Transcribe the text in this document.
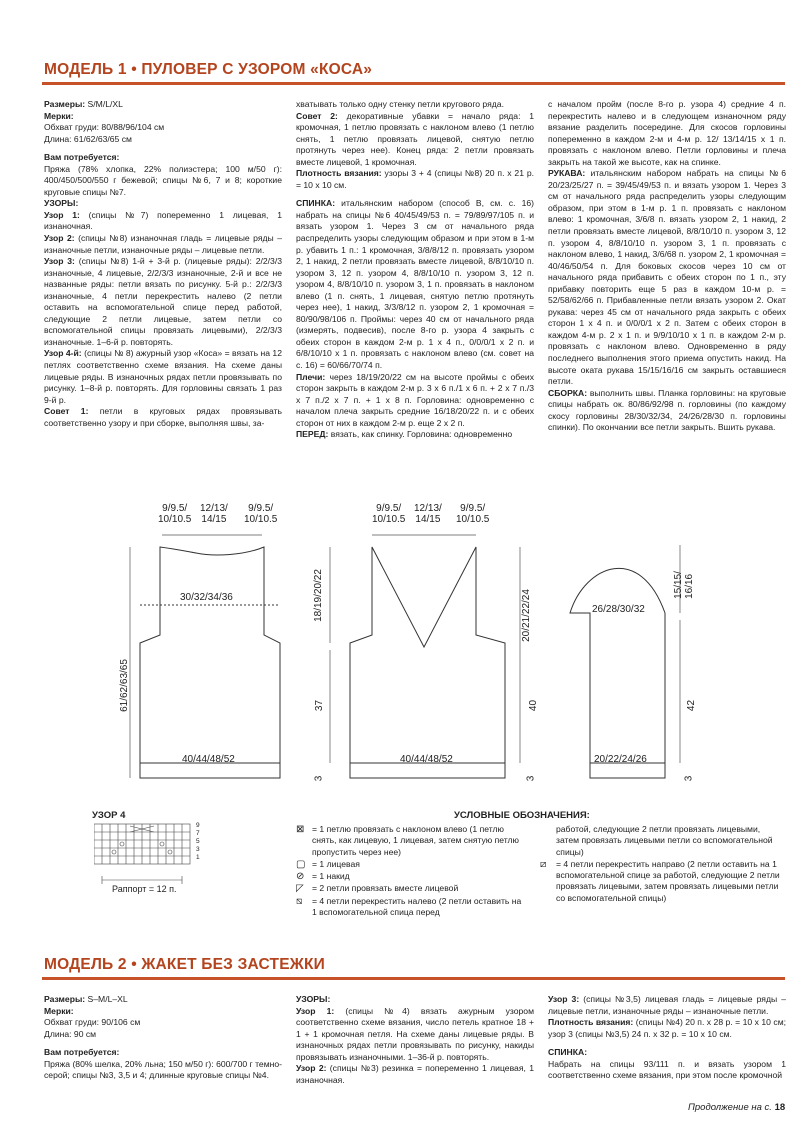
МОДЕЛЬ 1 • ПУЛОВЕР С УЗОРОМ «КОСА»

Размеры: S/M/L/XL

Мерки:

Обхват груди: 80/88/96/104 см

Длина: 61/62/63/65 см

Вам потребуется:

Пряжа (78% хлопка, 22% полиэстера; 100 м/50 г): 400/450/500/550 г бежевой; спицы №6, 7 и 8; короткие круговые спицы №7.

УЗОРЫ:

Узор 1: (спицы №7) попеременно 1 лицевая, 1 изнаночная.

Узор 2: (спицы №8) изнаночная гладь = лицевые ряды – изнаночные петли, изнаночные ряды – лицевые петли.

Узор 3: (спицы №8) 1-й + 3-й р. (лицевые ряды): 2/2/3/3 изнаночные, 4 лицевые, 2/2/3/3 изнаночные, 2-й и все не названные ряды: петли вязать по рисунку. 5-й р.: 2/2/3/3 изнаночные, 4 петли перекрестить налево (2 петли оставить на вспомогательной спице перед работой, следующие 2 петли лицевые, затем петли со вспомогательной спицы провязать лицевыми), 2/2/3/3 изнаночные. 1–6-й р. повторять.

Узор 4-й: (спицы № 8) ажурный узор «Коса» = вязать на 12 петлях соответственно схеме вязания. На схеме даны лицевые ряды. В изнаночных рядах петли провязывать по рисунку. 1–8-й р. повторять. Для горловины связать 1 раз 9-й р.

Совет 1: петли в круговых рядах провязывать соответственно узору и при сборке, выполняя швы, за-

хватывать только одну стенку петли кругового ряда.

Совет 2: декоративные убавки = начало ряда: 1 кромочная, 1 петлю провязать с наклоном влево (1 петлю снять, 1 петлю провязать лицевой, снятую петлю протянуть через нее). Конец ряда: 2 петли провязать вместе лицевой, 1 кромочная.

Плотность вязания: узоры 3 + 4 (спицы №8) 20 п. x 21 р. = 10 x 10 см.

СПИНКА: итальянским набором (способ В, см. с. 16) набрать на спицы №6 40/45/49/53 п. = 79/89/97/105 п. и вязать узором 1. Через 3 см от начального ряда распределить узоры следующим образом и при этом в 1-м р. убавить 1 п.: 1 кромочная, 3/8/8/12 п. провязать узором 2, 1 накид, 2 петли провязать вместе лицевой, 8/8/10/10 п. узором 3, 12 п. узором 4, 8/8/10/10 п. узором 3, 12 п. узором 4, 8/8/10/10 п. узором 3, 1 п. провязать в наклоном влево (1 п. снять, 1 лицевая, снятую петлю протянуть через нее), 1 накид, 3/3/8/12 п. узором 2, 1 кромочная = 80/90/98/106 п. Проймы: через 40 см от начального ряда (измерять, подвесив), после 8-го р. узора 4 закрыть с обеих сторон в каждом 2-м р. 1 x 4 п., 0/0/0/1 x 2 п. и 6/8/10/10 x 1 п. провязать с наклоном влево (см. совет на с. 16) = 60/66/70/74 п.

Плечи: через 18/19/20/22 см на высоте проймы с обеих сторон закрыть в каждом 2-м р. 3 x 6 п./1 x 6 п. + 2 x 7 п./3 x 7 п./2 x 7 п. + 1 x 8 п. Горловина: одновременно с началом плеча закрыть средние 16/18/20/22 п. и с обеих сторон от них в каждом 2-м р. еще 2 x 2 п.

ПЕРЕД: вязать, как спинку. Горловина: одновременно

с началом пройм (после 8-го р. узора 4) средние 4 п. перекрестить налево и в следующем изнаночном ряду вязание разделить посередине. Для скосов горловины попеременно в каждом 2-м и 4-м р. 12/ 13/14/15 x 1 п. провязать с наклоном влево. Петли горловины и плеча закрыть на такой же высоте, как на спинке.

РУКАВА: итальянским набором набрать на спицы №6 20/23/25/27 п. = 39/45/49/53 п. и вязать узором 1. Через 3 см от начального ряда распределить узоры следующим образом, при этом в 1-м р. 1 п. провязать с наклоном влево: 1 кромочная, 3/6/8 п. вязать узором 2, 1 накид, 2 петли провязать вместе лицевой, 8/8/10/10 п. узором 3, 12 п. узором 4, 8/8/10/10 п. узором 3, 1 п. провязать с наклоном влево, 1 накид, 3/6/68 п. узором 2, 1 кромочная = 40/46/50/54 п. Для боковых скосов через 10 см от начального ряда прибавить с обеих сторон по 1 п., эту прибавку повторить еще 5 раз в каждом 10-м р. = 52/58/62/66 п. Прибавленные петли вязать узором 2. Окат рукава: через 45 см от начального ряда закрыть с обеих сторон 1 x 4 п. и 0/0/0/1 x 2 п. Затем с обеих сторон в каждом 4-м р. 2 x 1 п. и 9/9/10/10 x 1 п. в каждом 2-м р. провязать с наклоном влево. Одновременно в ряду последнего выполнения этого приема опустить накид. На высоте оката рукава 15/15/16/16 см закрыть оставшиеся петли.

СБОРКА: выполнить швы. Планка горловины: на круговые спицы набрать ок. 80/86/92/98 п. горловины (по каждому скосу горловины 28/30/32/34, 24/26/28/30 п. горловины спинки). По окончании все петли закрыть. Вшить рукава.

9/9.5/
10/10.5
12/13/
14/15
9/9.5/
10/10.5
30/32/34/36
40/44/48/52
61/62/63/65
18/19/20/22
37
3
9/9.5/
10/10.5
12/13/
14/15
9/9.5/
10/10.5
40/44/48/52
20/21/22/24
40
3
26/28/30/32
20/22/24/26
15/15/
16/16
42
3
УЗОР 4
9
7
5
3
1
Раппорт = 12 п.
УСЛОВНЫЕ ОБОЗНАЧЕНИЯ:
⊠ = 1 петлю провязать с наклоном влево (1 петлю снять, как лицевую, 1 лицевая, затем снятую петлю пропустить через нее)
▢ = 1 лицевая
⊘ = 1 накид
◸ = 2 петли провязать вместе лицевой
⧅	= 4 петли перекрестить налево (2 петли оставить на 1 вспомогательной спица перед
работой, следующие 2 петли провязать лицевыми, затем провязать лицевыми петли со вспомогательной спицы)
⧄	= 4 петли перекрестить направо (2 петли оставить на 1 вспомогательной спице за работой, следующие 2 петли провязать лицевыми, затем провязать лицевыми петли со вспомогательной спицы)
МОДЕЛЬ 2 • ЖАКЕТ БЕЗ ЗАСТЕЖКИ

Размеры: S–M/L–XL

Мерки:

Обхват груди: 90/106 см

Длина: 90 см

Вам потребуется:

Пряжа (80% шелка, 20% льна; 150 м/50 г): 600/700 г темно-серой; спицы №3, 3,5 и 4; длинные круговые спицы №4.

УЗОРЫ:

Узор 1: (спицы №4) вязать ажурным узором соответственно схеме вязания, число петель кратное 18 + 1 + 1 кромочная петля. На схеме даны лицевые ряды. В изнаночных рядах петли провязывать по рисунку, накиды провязывать изнаночными. 1–36-й р. повторять.

Узор 2: (спицы №3) резинка = попеременно 1 лицевая, 1 изнаночная.

Узор 3: (спицы №3,5) лицевая гладь = лицевые ряды – лицевые петли, изнаночные ряды – изнаночные петли.

Плотность вязания: (спицы №4) 20 п. x 28 р. = 10 x 10 см; узор 3 (спицы №3,5) 24 п. x 32 р. = 10 x 10 см.

СПИНКА:

Набрать на спицы 93/111 п. и вязать узором 1 соответственно схеме вязания, при этом после кромочной

Продолжение на с. 18
